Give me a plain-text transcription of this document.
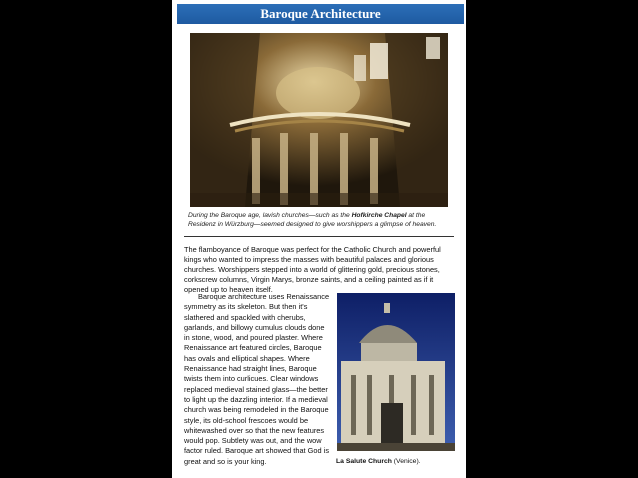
Baroque Architecture
During the Baroque age, lavish churches—such as the Hofkirche Chapel at the Residenz in Würzburg—seemed designed to give worshippers a glimpse of heaven.

The flamboyance of Baroque was perfect for the Catholic Church and powerful kings who wanted to impress the masses with beautiful palaces and glorious churches. Worshippers stepped into a world of glittering gold, precious stones, corkscrew columns, Virgin Marys, bronze saints, and a ceiling painted as if it opened up to heaven itself.

Baroque architecture uses Renaissance symmetry as its skeleton. But then it's slathered and spackled with cherubs, garlands, and billowy cumulus clouds done in stone, wood, and poured plaster. Where Renaissance art featured circles, Baroque has ovals and elliptical shapes. Where Renaissance had straight lines, Baroque twists them into curlicues. Clear windows replaced medieval stained glass—the better to light up the dazzling interior. If a medieval church was being remodeled in the Baroque style, its old-school frescoes would be whitewashed over so that the new features would pop. Subtlety was out, and the wow factor ruled. Baroque art showed that God is great and so is your king.	La Salute Church (Venice).
